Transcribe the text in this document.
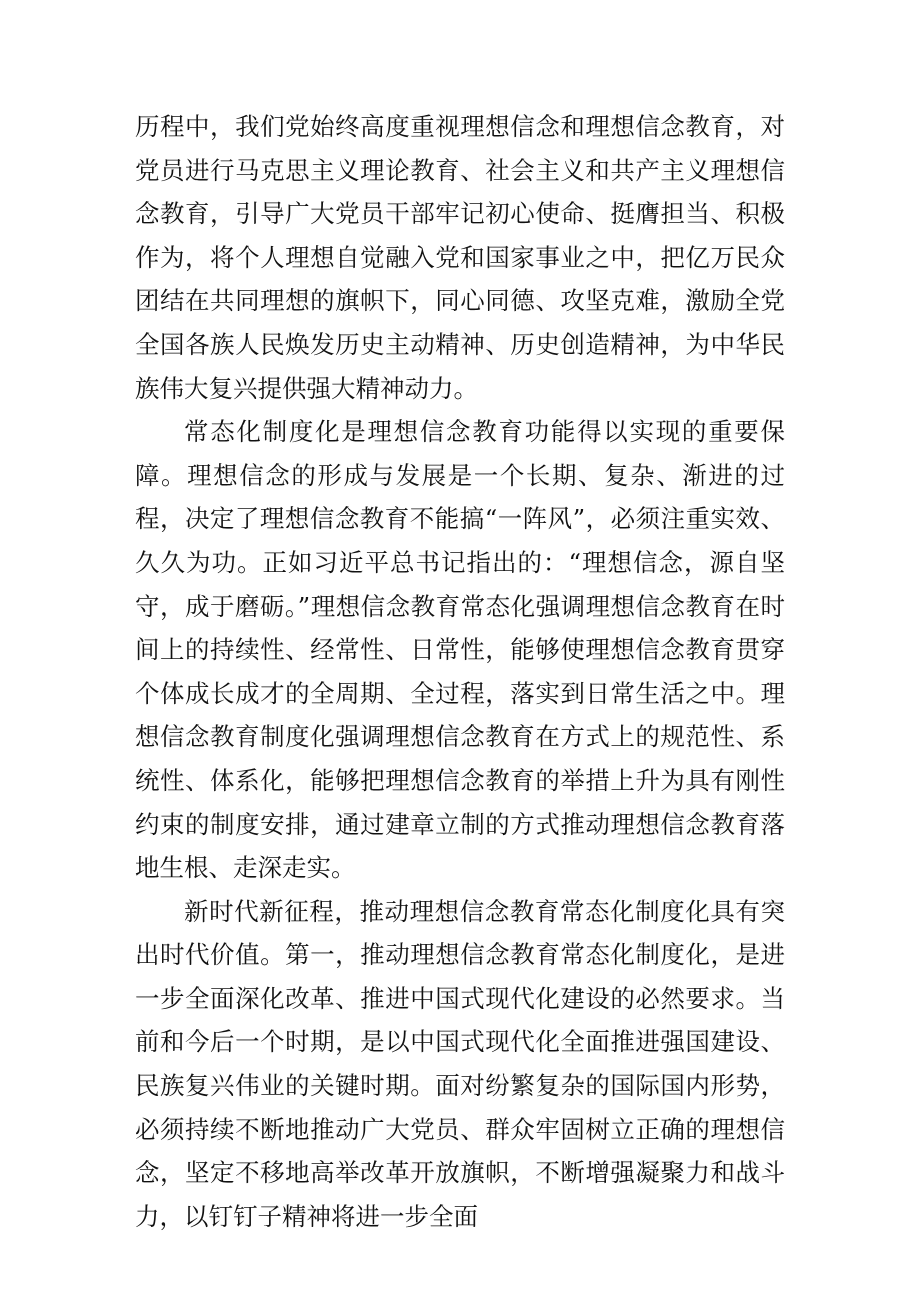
历程中，我们党始终高度重视理想信念和理想信念教育，对党员进行马克思主义理论教育、社会主义和共产主义理想信念教育，引导广大党员干部牢记初心使命、挺膺担当、积极作为，将个人理想自觉融入党和国家事业之中，把亿万民众团结在共同理想的旗帜下，同心同德、攻坚克难，激励全党全国各族人民焕发历史主动精神、历史创造精神，为中华民族伟大复兴提供强大精神动力。

常态化制度化是理想信念教育功能得以实现的重要保障。理想信念的形成与发展是一个长期、复杂、渐进的过程，决定了理想信念教育不能搞“一阵风”，必须注重实效、久久为功。正如习近平总书记指出的：“理想信念，源自坚守，成于磨砺。”理想信念教育常态化强调理想信念教育在时间上的持续性、经常性、日常性，能够使理想信念教育贯穿个体成长成才的全周期、全过程，落实到日常生活之中。理想信念教育制度化强调理想信念教育在方式上的规范性、系统性、体系化，能够把理想信念教育的举措上升为具有刚性约束的制度安排，通过建章立制的方式推动理想信念教育落地生根、走深走实。

新时代新征程，推动理想信念教育常态化制度化具有突出时代价值。第一，推动理想信念教育常态化制度化，是进一步全面深化改革、推进中国式现代化建设的必然要求。当前和今后一个时期，是以中国式现代化全面推进强国建设、民族复兴伟业的关键时期。面对纷繁复杂的国际国内形势，必须持续不断地推动广大党员、群众牢固树立正确的理想信念，坚定不移地高举改革开放旗帜，不断增强凝聚力和战斗力，以钉钉子精神将进一步全面
